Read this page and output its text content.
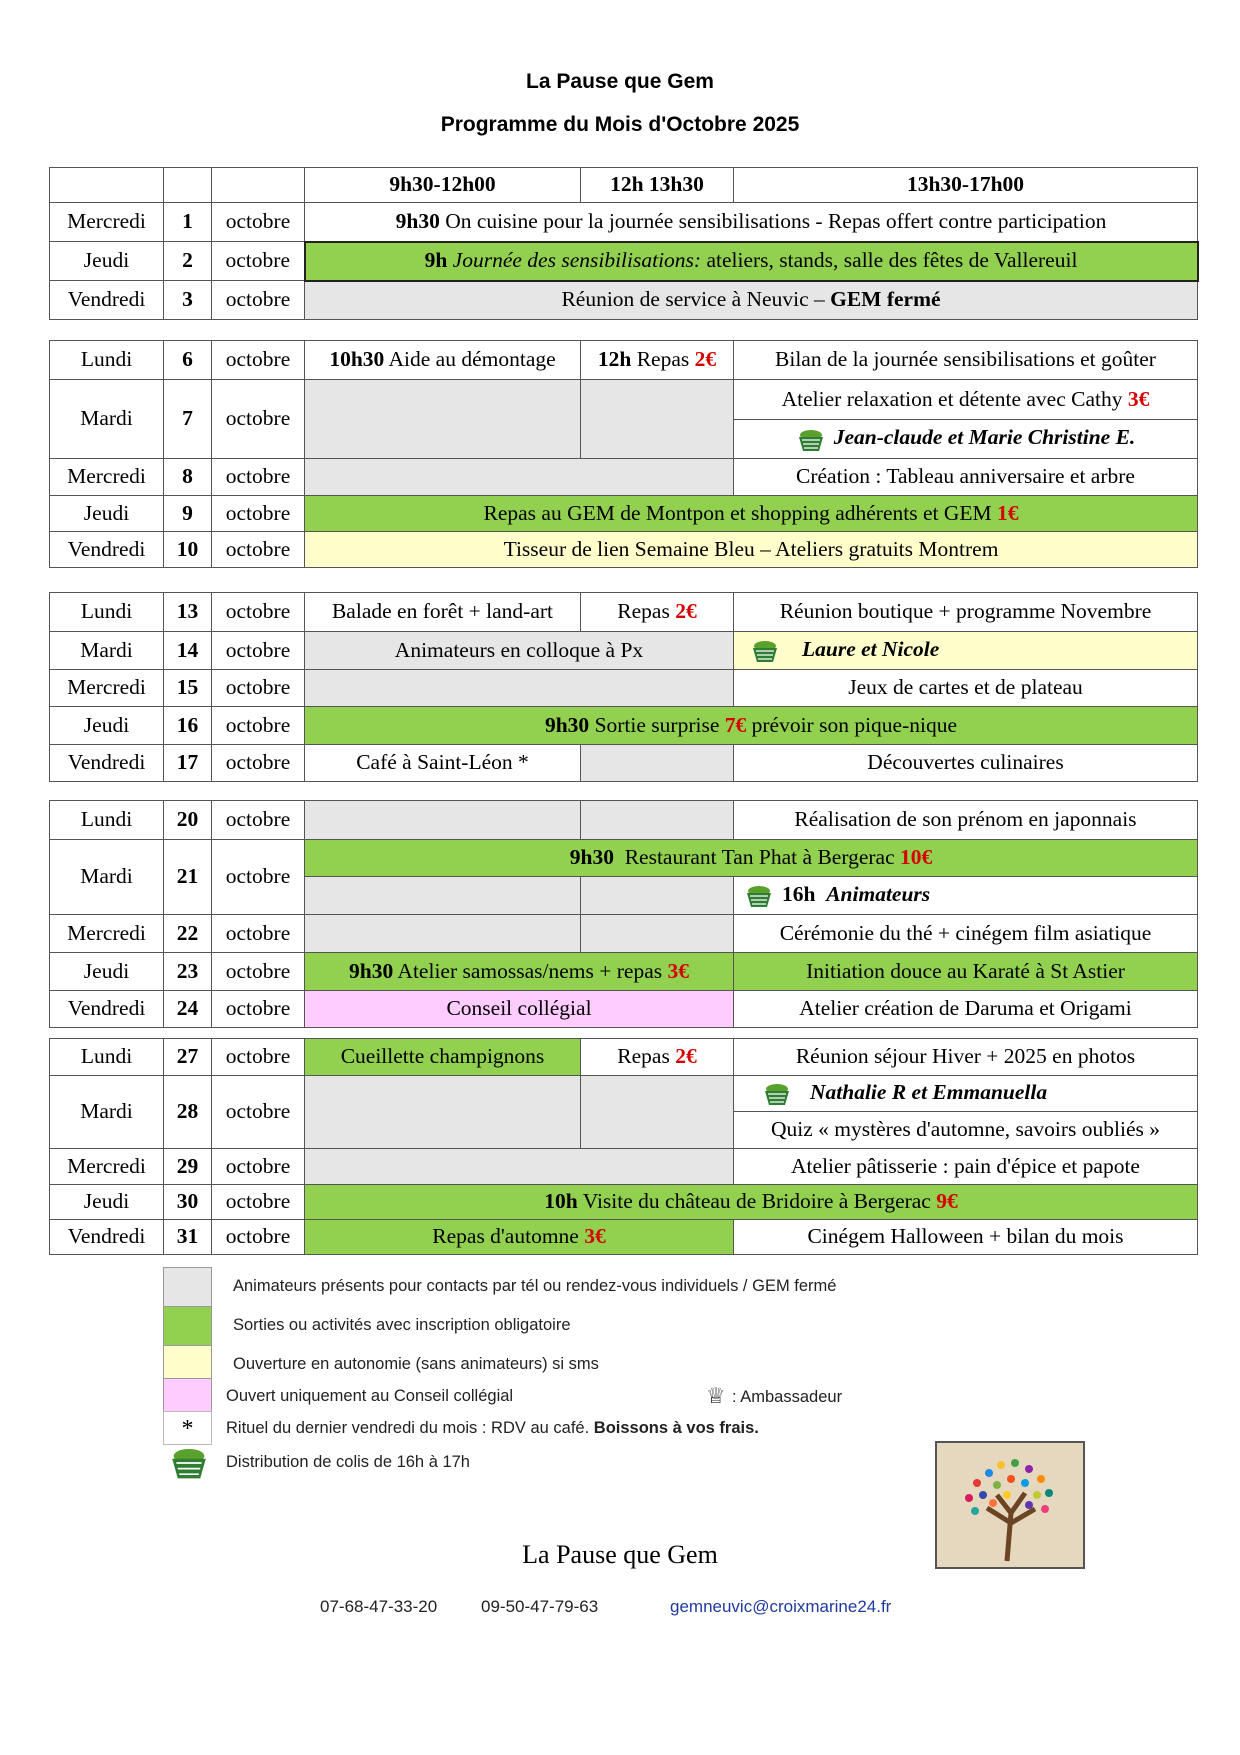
La Pause que Gem
Programme du Mois d'Octobre 2025
			9h30-12h00	12h 13h30	13h30-17h00
Mercredi	1	octobre	9h30 On cuisine pour la journée sensibilisations - Repas offert contre participation		
Jeudi	2	octobre	9h Journée des sensibilisations: ateliers, stands, salle des fêtes de Vallereuil		
Vendredi	3	octobre	Réunion de service à Neuvic – GEM fermé		
Lundi	6	octobre	10h30 Aide au démontage	12h Repas 2€	Bilan de la journée sensibilisations et goûter
Mardi	7	octobre			Atelier relaxation et détente avec Cathy 3€
					Jean-claude et Marie Christine E.
Mercredi	8	octobre			Création : Tableau anniversaire et arbre
Jeudi	9	octobre	Repas au GEM de Montpon et shopping adhérents et GEM 1€		
Vendredi	10	octobre	Tisseur de lien Semaine Bleu – Ateliers gratuits Montrem		
Lundi	13	octobre	Balade en forêt + land-art	Repas 2€	Réunion boutique + programme Novembre
Mardi	14	octobre	Animateurs en colloque à Px		Laure et Nicole
Mercredi	15	octobre			Jeux de cartes et de plateau
Jeudi	16	octobre	9h30 Sortie surprise 7€ prévoir son pique-nique		
Vendredi	17	octobre	Café à Saint-Léon *		Découvertes culinaires
Lundi	20	octobre			Réalisation de son prénom en japonnais
Mardi	21	octobre	9h30 Restaurant Tan Phat à Bergerac 10€		
					16h Animateurs
Mercredi	22	octobre			Cérémonie du thé + cinégem film asiatique
Jeudi	23	octobre	9h30 Atelier samossas/nems + repas 3€		Initiation douce au Karaté à St Astier
Vendredi	24	octobre	Conseil collégial		Atelier création de Daruma et Origami
Lundi	27	octobre	Cueillette champignons	Repas 2€	Réunion séjour Hiver + 2025 en photos
Mardi	28	octobre			Nathalie R et Emmanuella
					Quiz « mystères d'automne, savoirs oubliés »
Mercredi	29	octobre			Atelier pâtisserie : pain d'épice et papote
Jeudi	30	octobre	10h Visite du château de Bridoire à Bergerac 9€		
Vendredi	31	octobre	Repas d'automne 3€		Cinégem Halloween + bilan du mois
Animateurs présents pour contacts par tél ou rendez-vous individuels / GEM fermé
Sorties ou activités avec inscription obligatoire
Ouverture en autonomie (sans animateurs) si sms
Ouvert uniquement au Conseil collégial	♕ : Ambassadeur
*	Rituel du dernier vendredi du mois : RDV au café. Boissons à vos frais.
Distribution de colis de 16h à 17h
La Pause que Gem
07-68-47-33-20	09-50-47-79-63	gemneuvic@croixmarine24.fr
